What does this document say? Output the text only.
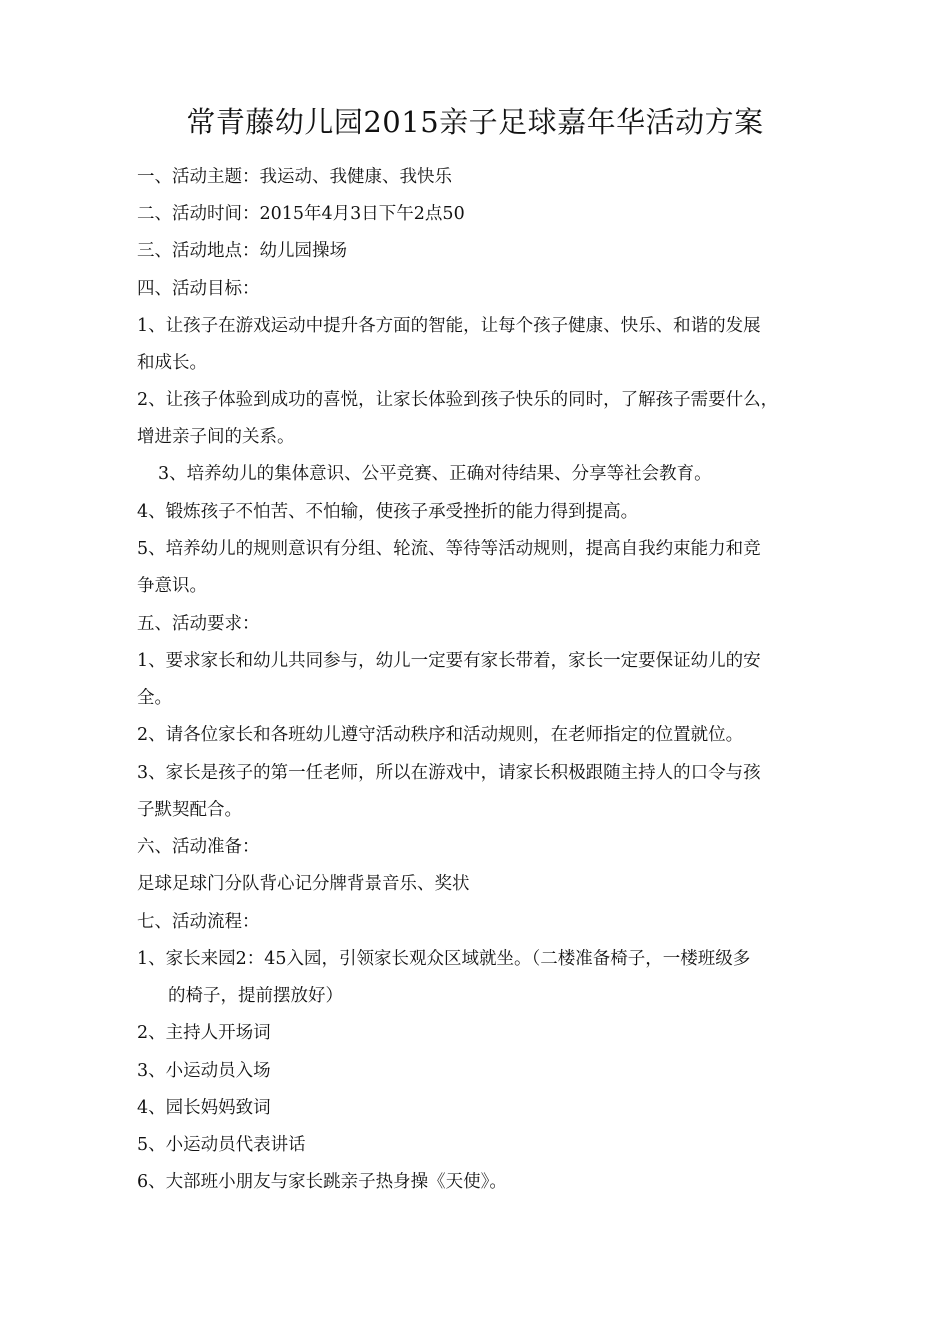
常青藤幼儿园2015亲子足球嘉年华活动方案
一、活动主题：我运动、我健康、我快乐
二、活动时间：2015年4月3日下午2点50
三、活动地点：幼儿园操场
四、活动目标：
1、让孩子在游戏运动中提升各方面的智能，让每个孩子健康、快乐、和谐的发展
和成长。
2、让孩子体验到成功的喜悦，让家长体验到孩子快乐的同时，了解孩子需要什么，
增进亲子间的关系。
3、培养幼儿的集体意识、公平竞赛、正确对待结果、分享等社会教育。
4、锻炼孩子不怕苦、不怕输，使孩子承受挫折的能力得到提高。
5、培养幼儿的规则意识有分组、轮流、等待等活动规则，提高自我约束能力和竞
争意识。
五、活动要求：
1、要求家长和幼儿共同参与，幼儿一定要有家长带着，家长一定要保证幼儿的安
全。
2、请各位家长和各班幼儿遵守活动秩序和活动规则，在老师指定的位置就位。
3、家长是孩子的第一任老师，所以在游戏中，请家长积极跟随主持人的口令与孩
子默契配合。
六、活动准备：
足球足球门分队背心记分牌背景音乐、奖状
七、活动流程：
1、家长来园2：45入园，引领家长观众区域就坐。（二楼准备椅子，一楼班级多
的椅子，提前摆放好）
2、主持人开场词
3、小运动员入场
4、园长妈妈致词
5、小运动员代表讲话
6、大部班小朋友与家长跳亲子热身操《天使》。
